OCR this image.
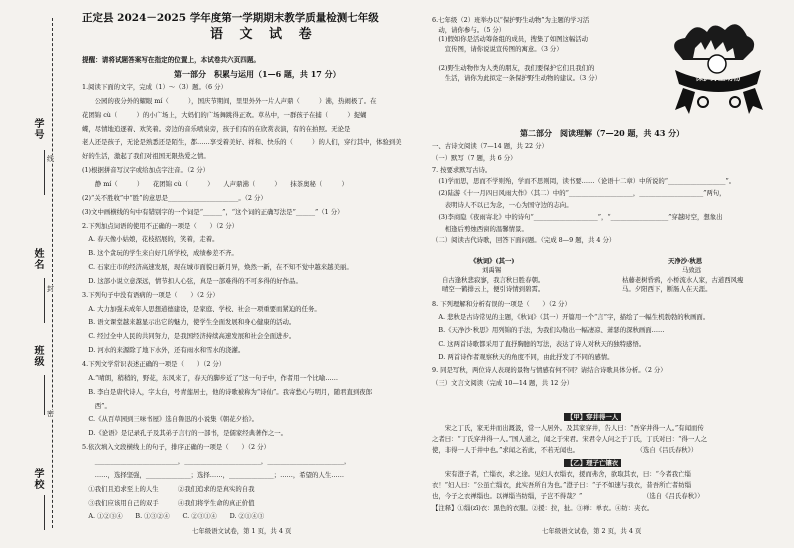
学号
姓名
班级
学校
线
封
密
正定县 2024－2025 学年度第一学期期末教学质量检测七年级
语 文 试 卷
提醒：请将试题答案写在指定的位置上，本试卷共六页四题。
第一部分　积累与运用（1—6 题，共 17 分）
1.阅读下面的文字，完成（1）～（3）题。（6 分）
　　公园的夜分外的耀眼 mí（　　　），国庆节期间，里里外外一片人声鼎（　　　）沸，热闹极了。在
花团锦 cù（　　　）的小广场上，大妈们的广场舞跳得正欢。草丛中，一群孩子在捕（　　　）捉蝴
蝶，尽情地追逐着、欢笑着。旁边的音乐喷泉旁，孩子们有的在欣赏表演，有的在拍照。无论是
老人还是孩子，无论是熟悉还是陌生，都……享受着美好、祥和、快乐的（　　　）的人们，穿行其中，体验到美
好的生活，激起了我们对祖国无限热爱之情。
(1)根据拼音写汉字或给加点字注音。（2 分）
　　静 mí（　　　）　　花团锦 cù（　　　）　　人声鼎沸（　　　）　　抹茶奥秘（　　　）
(2)“关不胜收”中“胜”的意思是______________________。（2 分）
(3)文中画横线的句中有错别字的一个词是“______”，“这个词的正确写法是”______”（1 分）
2.下列加点词语的使用不正确的一项是（　　）（2 分）
　A. 春天像小姑娘，花枝招展的，笑着，走着。
　B. 这个贪玩的学生来自好几所学校，成绩参差不齐。
　C. 石家庄市的经济高速发展，现在城市面貌日新月异，焕然一新，在不知不觉中越来越美丽。
　D. 这部小说立意深远，情节扣人心弦，真是一部难得的不可多得的好作品。
3.下列句子中没有语病的一项是（　　）（2 分）
　A. 大力加强未成年人思想道德建设，是家庭、学校、社会一项重要而紧迫的任务。
　B. 语文课堂越来越显示出它的魅力，使学生全面发展和身心健康的活动。
　C. 经过全中人民的共同努力，是我国经济持续高速发展和社会全面进步。
　D. 河水的来源除了地下水外，还有雨水和雪水的浇灌。
4.下列文学常识表述正确的一项是（　　）（2 分）
　A.“晴朗，稍稍的，野花，东风来了，春天的脚步近了”这一句子中，作者用一个比喻……
　B. 李白是唐代诗人，字太白，号青莲居士，他的诗歌被称为“诗仙”。我寄愁心与明月，随君直到夜郎
　　西”。
　C.《从百草园到三味书屋》选自鲁迅的小说集《朝花夕拾》。
　D.《论语》是记录孔子及其弟子言行的一部书，是儒家经典著作之一。
5.依次填入文段横线上的句子，排序正确的一项是（　　）（2 分）
　　__________________________，________________________，________________________，
　　……，选择坚强，______________；选择……，______________；……，希望的人生……
　①我们且追求至上的人生　　　②我们追求的是真实的自我
　③我们应该用自己的双手　　　④我们将学生命的真正价值
　A. ①②③④　　B. ①③②④　　C. ②③①④　　D. ②①④③
七年级语文试卷，第 1 页，共 4 页
6.七年级（2）班举办以“保护野生动物”为主题的学习活
　动，请你参与。（5 分）
　(1)假如你是活动筹备组的成员，搜集了如图这幅活动
　　宣传图，请你说说宣传图的寓意。（3 分）
　(2)野生动物作为人类的朋友，我们要保护它们且我们的
　　生活，请你为此拟定一条保护野生动物的建议。（3 分）	保护野生动物
第二部分　阅读理解（7—20 题，共 43 分）
一、古诗文阅读（7—14 题，共 22 分）
（一）默写（7 题，共 6 分）
7. 按要求默写古诗。
　(1)学而思，思而不学则殆，学而不思则罔，读书要……（论语十二章）中所说的“__________________”。
　(2)陆游《十一月四日风雨大作》（其二）中的“____________________，____________________”两句，
　　表明诗人不以已为念，一心为国守边的志向。
　(3)李商隐《夜雨寄北》中的诗句“____________________”，“__________________”穿越时空，想象出
　　相逢后剪烛西窗的温馨情景。
（二）阅读古代诗歌，回答下面问题。（完成 8—9 题，共 4 分）
《秋词》(其一)
刘禹锡
自古逢秋悲寂寥，我言秋日胜春朝。
晴空一鹤排云上，便引诗情到碧霄。
天净沙·秋思
马致远
枯藤老树昏鸦，小桥流水人家，古道西风瘦
马。夕阳西下，断肠人在天涯。
8. 下列理解和分析有误的一项是（　　）（2 分）
　A. 悲秋是古诗常见的主题，《秋词》（其一）开篇用一个“言”字，描绘了一幅生机勃勃的秋画面。
　B.《天净沙·秋思》用列锦的手法，为我们勾勒出一幅凄凉、萧瑟的深秋画面……
　C. 这两首诗歌都采用了直抒胸臆的写法，表达了诗人对秋天的独特感悟。
　D. 两首诗作者观察秋天的角度不同，由此抒发了不同的感情。
9. 同是写秋，两位诗人表现的景物与情感有何不同？请结合诗歌具体分析。（2 分）
（三）文言文阅读（完成 10—14 题，共 12 分）
【甲】穿井得一人
　　宋之丁氏，家无井而出溉汲，常一人居外。及其家穿井，告人曰：“吾穿井得一人。”有闻而传
之者曰：“丁氏穿井得一人。”国人道之，闻之于宋君。宋君令人问之于丁氏，丁氏对曰：“得一人之
使，非得一人于井中也。”求闻之若此，不若无闻也。　　　　　　　　　　（选自《吕氏春秋》）
【乙】理子亡镶衣
　　宋有澄子者，亡缁衣，求之途。见妇人衣缁衣，援而弗舍，欲取其衣，曰：“今者我亡缁
衣！”妇人曰：“公虽亡缁衣，此实吾所自为也。”澄子曰：“子不如速与我衣，昔吾所亡者纺缁
也，今子之衣禅缁也。以禅缁当纺缁，子岂不得哉？”　　　　　　　　　　（选自《吕氏春秋》）
【注释】①缁(zī)衣：黑色的衣服。②援：拉，扯。③禅：单衣。④纺：夹衣。
七年级语文试卷，第 2 页，共 4 页
